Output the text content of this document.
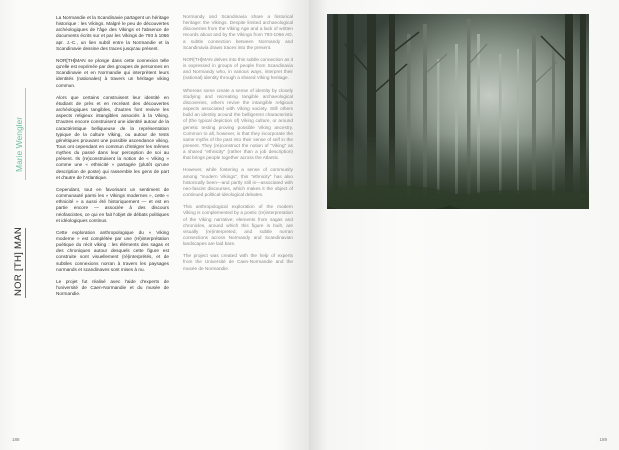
Marie Wengler
NOR [TH] MAN

La Normandie et la Scandinavie partagent un héritage historique : les Vikings. Malgré le peu de découvertes archéologiques de l'âge des Vikings et l'absence de documents écrits sur et par les Vikings de 793 à 1066 apr. J.-C., un lien subtil entre la Normandie et la Scandinavie dessine des traces jusqu'au présent.

NOR[TH]MAN se plonge dans cette connexion telle qu'elle est exprimée par des groupes de personnes en Scandinavie et en Normandie qui interprètent leurs identités (nationales) à travers un héritage viking commun.

Alors que certains construisent leur identité en étudiant de près et en recréant des découvertes archéologiques tangibles, d'autres font revivre les aspects religieux intangibles associés à la Viking. D'autres encore construisent une identité autour de la caractéristique belliqueuse de la représentation typique de la culture Viking, ou autour de tests génétiques prouvant une possible ascendance viking. Tous ont cependant en commun d'intégrer les mêmes mythes du passé dans leur perception de soi au présent. Ils (re)construisent la notion de « Viking » comme une « ethnicité » partagée (plutôt qu'une description de poste) qui rassemble les gens de part et d'autre de l'Atlantique.

Cependant, tout en favorisant un sentiment de communauté parmi les « Vikings modernes », cette « ethnicité » a aussi été historiquement — et est en partie encore — associée à des discours néofascistes, ce qui en fait l'objet de débats politiques et idéologiques continus.

Cette exploration anthropologique du « Viking moderne » est complétée par une (ré)interprétation poétique du récit viking : les éléments des sagas et des chroniques autour desquels cette figure est construite sont visuellement (ré)interprétés, et de subtiles connexions norran à travers les paysages normands et scandinaves sont mises à nu.

Le projet fut réalisé avec l'aide d'experts de l'université de Caen-Normandie et du musée de Normandie.

Normandy and Scandinavia share a historical heritage: the Vikings. Despite limited archaeological discoveries from the Viking Age and a lack of written records about and by the Vikings from 793-1066 AD, a subtle connection between Normandy and Scandinavia draws traces into the present.

NOR[TH]MAN delves into this subtle connection as it is expressed in groups of people from Scandinavia and Normandy who, in various ways, interpret their (national) identity through a shared Viking heritage.

Whereas some create a sense of identity by closely studying and recreating tangible archaeological discoveries, others revive the intangible religious aspects associated with Viking society. Still others build an identity around the belligerent characteristic of (the typical depiction of) Viking culture, or around genetic testing proving possible Viking ancestry. Common to all, however, is that they incorporate the same myths of the past into their sense of self in the present. They (re)construct the notion of "Viking" as a shared "ethnicity" (rather than a job description) that brings people together across the Atlantic.

However, while fostering a sense of community among "modern Vikings", this "ethnicity" has also historically been—and partly still is—associated with neo-fascist discourses, which makes it the object of continued political-ideological debates.

This anthropological exploration of the modern Viking is complemented by a poetic (re)interpretation of the Viking narrative; elements from sagas and chronicles, around which this figure is built, are visually (re)interpreted, and subtle norran connections across Normandy and Scandinavian landscapes are laid bare.

The project was created with the help of experts from the Université de Caen-Normandie and the musée de Normandie.

188	189
